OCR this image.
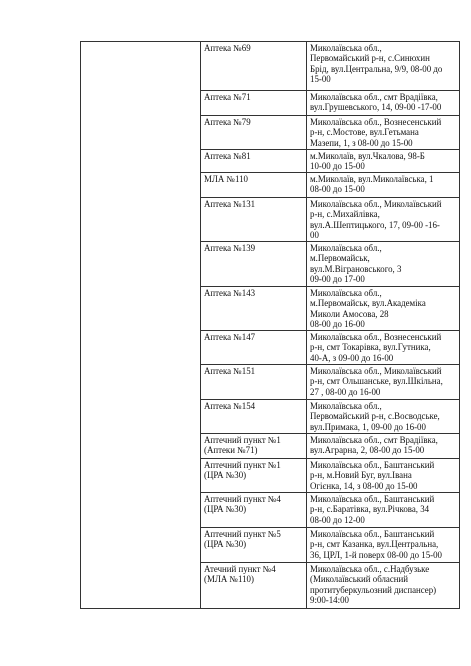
	Аптека №69	Миколаївська обл.,
Первомайський р-н, с.Синюхин
Брід, вул.Центральна, 9/9, 08-00 до
15-00

	Аптека №71	Миколаївська обл., смт Врадіївка,
вул.Грушевського, 14, 09-00 -17-00

	Аптека №79	Миколаївська обл., Вознесенський
р-н, с.Мостове, вул.Гетьмана
Мазепи, 1, з 08-00 до 15-00

	Аптека №81	м.Миколаїв, вул.Чкалова, 98-Б
10-00 до 15-00

	МЛА №110	м.Миколаїв, вул.Миколаївська, 1
08-00 до 15-00

	Аптека №131	Миколаївська обл., Миколаївський
р-н, с.Михайлівка,
вул.А.Шептицького, 17, 09-00 -16-
00

	Аптека №139	Миколаївська обл.,
м.Первомайськ,
вул.М.Віграновського, 3
09-00 до 17-00

	Аптека №143	Миколаївська обл.,
м.Первомайськ, вул.Академіка
Миколи Амосова, 28
08-00 до 16-00

	Аптека №147	Миколаївська обл., Вознесенський
р-н, смт Токарівка, вул.Гутника,
40-А, з 09-00 до 16-00

	Аптека №151	Миколаївська обл., Миколаївський
р-н, смт Ольшанське, вул.Шкільна,
27 , 08-00 до 16-00

	Аптека №154	Миколаївська обл.,
Первомайський р-н, с.Восводське,
вул.Примака, 1, 09-00 до 16-00

	Аптечний пункт №1
(Аптеки №71)	Миколаївська обл., смт Врадіївка,
вул.Аграрна, 2, 08-00 до 15-00

	Аптечний пункт №1
(ЦРА №30)	Миколаївська обл., Баштанський
р-н, м.Новий Буг, вул.Івана
Огієнка, 14, з 08-00 до 15-00

	Аптечний пункт №4
(ЦРА №30)	Миколаївська обл., Баштанський
р-н, с.Баратівка, вул.Річкова, 34
08-00 до 12-00

	Аптечний пункт №5
(ЦРА №30)	Миколаївська обл., Баштанський
р-н, смт Казанка, вул.Центральна,
36, ЦРЛ, 1-й поверх 08-00 до 15-00

	Атечний пункт №4
(МЛА №110)	Миколаївська обл., с.Надбузьке
(Миколаївський обласний
протитуберкульозний диспансер)
9:00-14:00
